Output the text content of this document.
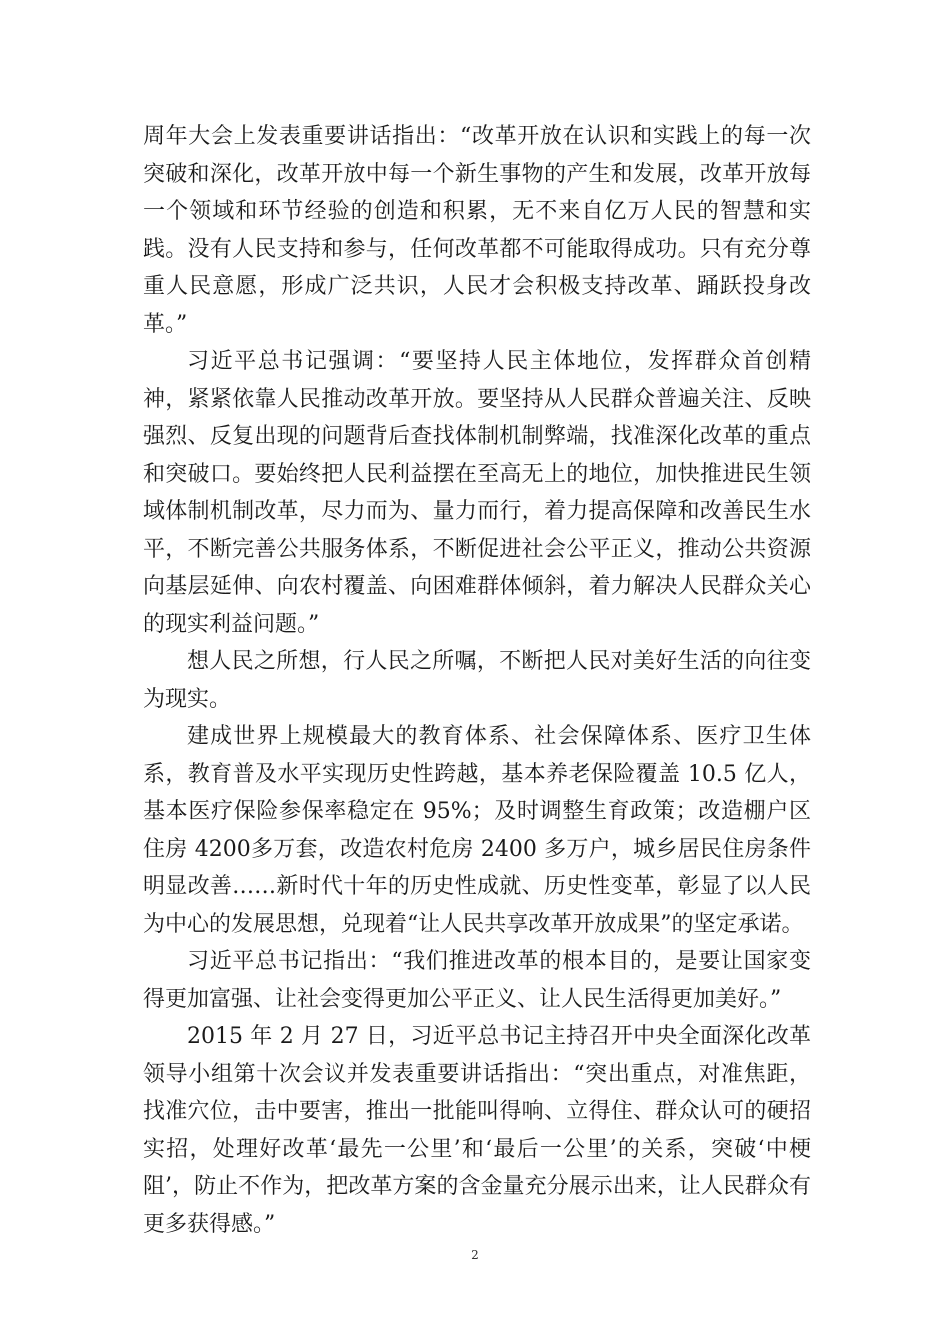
周年大会上发表重要讲话指出：“改革开放在认识和实践上的每一次突破和深化，改革开放中每一个新生事物的产生和发展，改革开放每一个领域和环节经验的创造和积累，无不来自亿万人民的智慧和实践。没有人民支持和参与，任何改革都不可能取得成功。只有充分尊重人民意愿，形成广泛共识，人民才会积极支持改革、踊跃投身改革。”

习近平总书记强调：“要坚持人民主体地位，发挥群众首创精神，紧紧依靠人民推动改革开放。要坚持从人民群众普遍关注、反映强烈、反复出现的问题背后查找体制机制弊端，找准深化改革的重点和突破口。要始终把人民利益摆在至高无上的地位，加快推进民生领域体制机制改革，尽力而为、量力而行，着力提高保障和改善民生水平，不断完善公共服务体系，不断促进社会公平正义，推动公共资源向基层延伸、向农村覆盖、向困难群体倾斜，着力解决人民群众关心的现实利益问题。”

想人民之所想，行人民之所嘱，不断把人民对美好生活的向往变为现实。

建成世界上规模最大的教育体系、社会保障体系、医疗卫生体系，教育普及水平实现历史性跨越，基本养老保险覆盖 10.5 亿人，基本医疗保险参保率稳定在 95%；及时调整生育政策；改造棚户区住房 4200多万套，改造农村危房 2400 多万户，城乡居民住房条件明显改善……新时代十年的历史性成就、历史性变革，彰显了以人民为中心的发展思想，兑现着“让人民共享改革开放成果”的坚定承诺。

习近平总书记指出：“我们推进改革的根本目的，是要让国家变得更加富强、让社会变得更加公平正义、让人民生活得更加美好。”

2015 年 2 月 27 日，习近平总书记主持召开中央全面深化改革领导小组第十次会议并发表重要讲话指出：“突出重点，对准焦距，找准穴位，击中要害，推出一批能叫得响、立得住、群众认可的硬招实招，处理好改革‘最先一公里’和‘最后一公里’的关系，突破‘中梗阻’，防止不作为，把改革方案的含金量充分展示出来，让人民群众有更多获得感。”

2
